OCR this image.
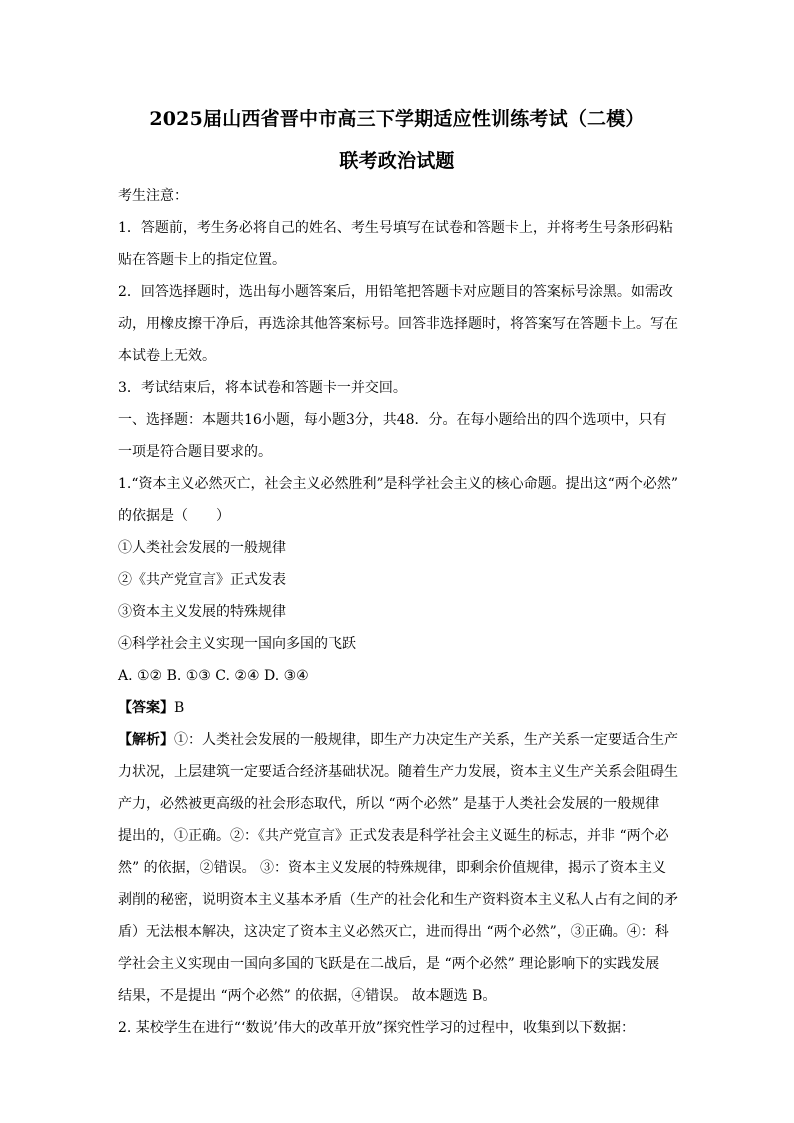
2025届山西省晋中市高三下学期适应性训练考试（二模）
联考政治试题
考生注意：
1．答题前，考生务必将自己的姓名、考生号填写在试卷和答题卡上，并将考生号条形码粘
贴在答题卡上的指定位置。
2．回答选择题时，选出每小题答案后，用铅笔把答题卡对应题目的答案标号涂黑。如需改
动，用橡皮擦干净后，再选涂其他答案标号。回答非选择题时，将答案写在答题卡上。写在
本试卷上无效。
3．考试结束后，将本试卷和答题卡一并交回。
一、选择题：本题共16小题，每小题3分，共48．分。在每小题给出的四个选项中，只有
一项是符合题目要求的。
1.“资本主义必然灭亡，社会主义必然胜利”是科学社会主义的核心命题。提出这“两个必然”
的依据是（　　）
①人类社会发展的一般规律
②《共产党宣言》正式发表
③资本主义发展的特殊规律
④科学社会主义实现一国向多国的飞跃
A. ①② B. ①③ C. ②④ D. ③④
【答案】B
【解析】①：人类社会发展的一般规律，即生产力决定生产关系，生产关系一定要适合生产
力状况，上层建筑一定要适合经济基础状况。随着生产力发展，资本主义生产关系会阻碍生
产力，必然被更高级的社会形态取代，所以 “两个必然” 是基于人类社会发展的一般规律
提出的，①正确。②：《共产党宣言》正式发表是科学社会主义诞生的标志，并非 “两个必
然” 的依据，②错误。 ③：资本主义发展的特殊规律，即剩余价值规律，揭示了资本主义
剥削的秘密，说明资本主义基本矛盾（生产的社会化和生产资料资本主义私人占有之间的矛
盾）无法根本解决，这决定了资本主义必然灭亡，进而得出 “两个必然”，③正确。④：科
学社会主义实现由一国向多国的飞跃是在二战后，是 “两个必然” 理论影响下的实践发展
结果，不是提出 “两个必然” 的依据，④错误。 故本题选 B。
2. 某校学生在进行“‘数说’伟大的改革开放”探究性学习的过程中，收集到以下数据：
